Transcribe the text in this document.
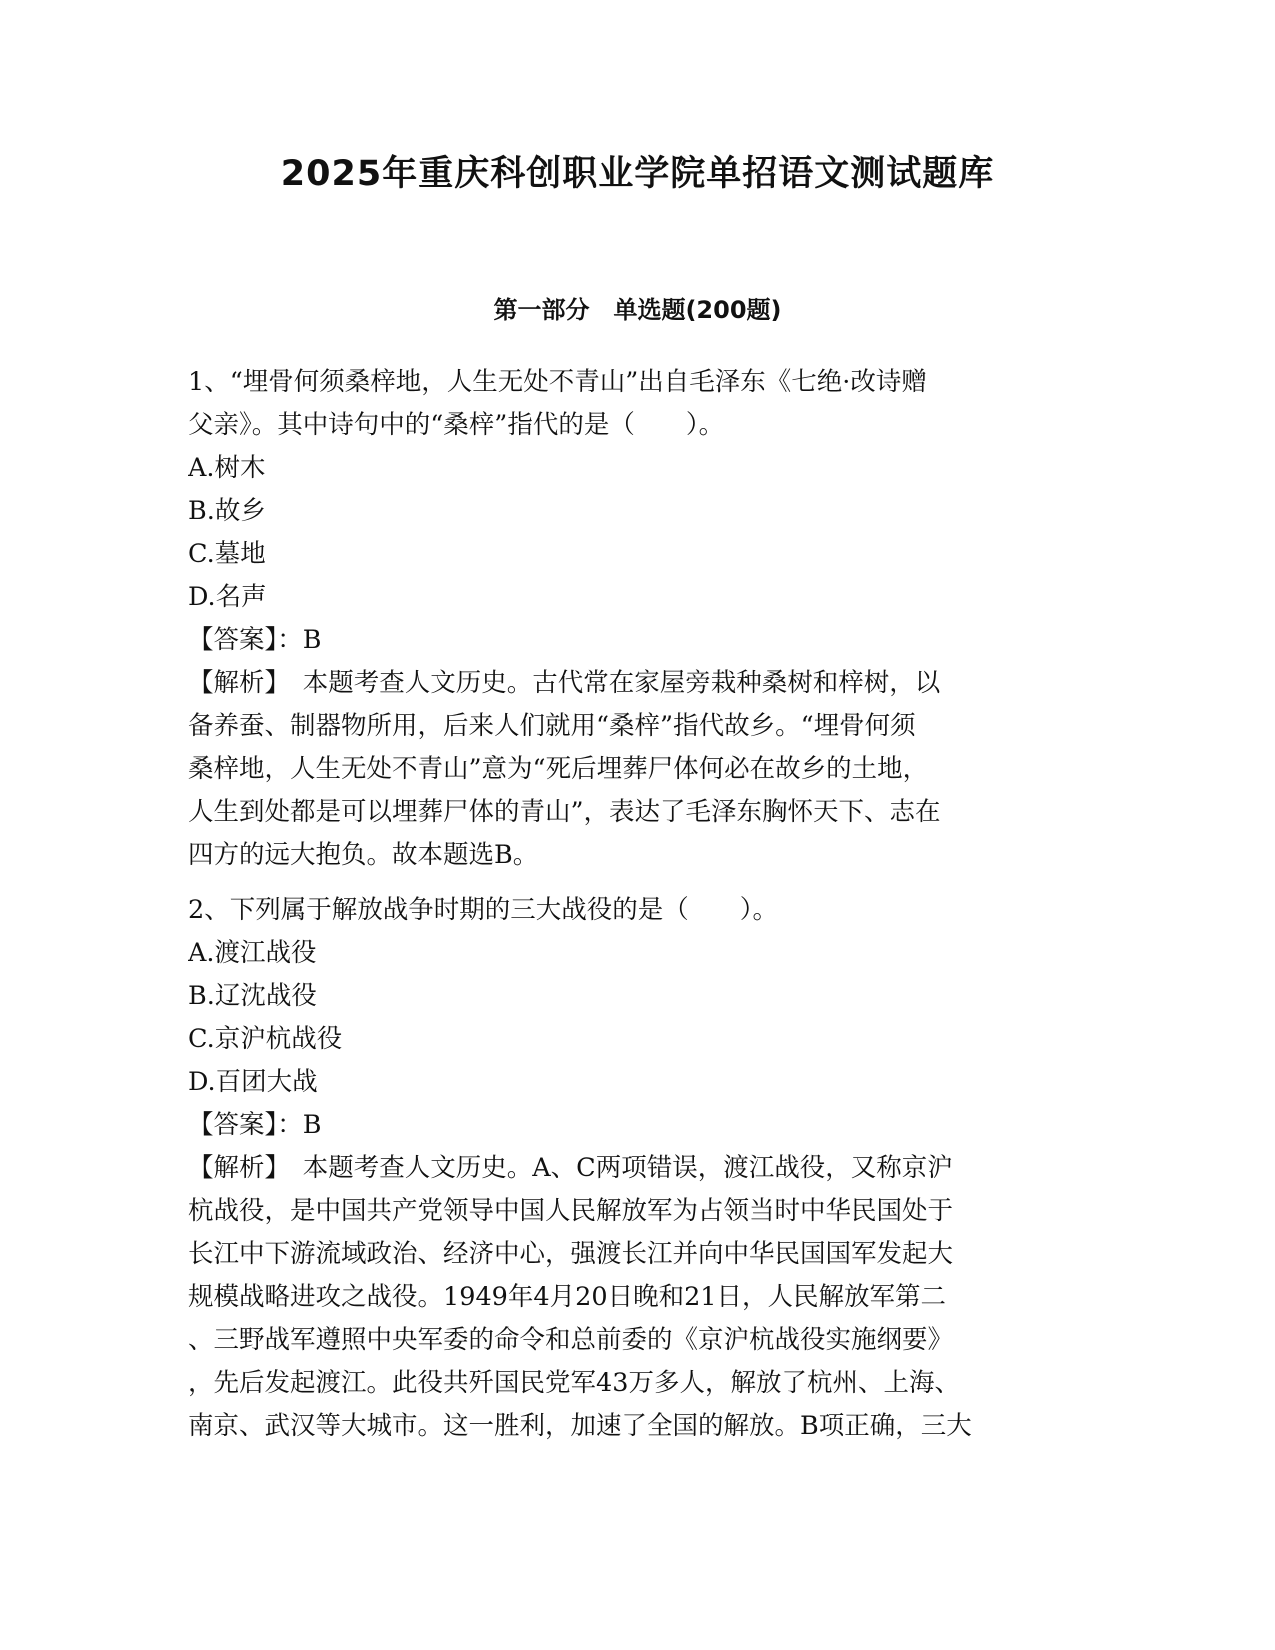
2025年重庆科创职业学院单招语文测试题库
第一部分　单选题(200题)
1、“埋骨何须桑梓地，人生无处不青山”出自毛泽东《七绝·改诗赠
父亲》。其中诗句中的“桑梓”指代的是（　　）。
A.树木
B.故乡
C.墓地
D.名声
【答案】：B
【解析】　本题考查人文历史。古代常在家屋旁栽种桑树和梓树，以
备养蚕、制器物所用，后来人们就用“桑梓”指代故乡。“埋骨何须
桑梓地，人生无处不青山”意为“死后埋葬尸体何必在故乡的土地，
人生到处都是可以埋葬尸体的青山”，表达了毛泽东胸怀天下、志在
四方的远大抱负。故本题选B。
2、下列属于解放战争时期的三大战役的是（　　）。
A.渡江战役
B.辽沈战役
C.京沪杭战役
D.百团大战
【答案】：B
【解析】　本题考查人文历史。A、C两项错误，渡江战役，又称京沪
杭战役，是中国共产党领导中国人民解放军为占领当时中华民国处于
长江中下游流域政治、经济中心，强渡长江并向中华民国国军发起大
规模战略进攻之战役。1949年4月20日晚和21日，人民解放军第二
、三野战军遵照中央军委的命令和总前委的《京沪杭战役实施纲要》
，先后发起渡江。此役共歼国民党军43万多人，解放了杭州、上海、
南京、武汉等大城市。这一胜利，加速了全国的解放。B项正确，三大
